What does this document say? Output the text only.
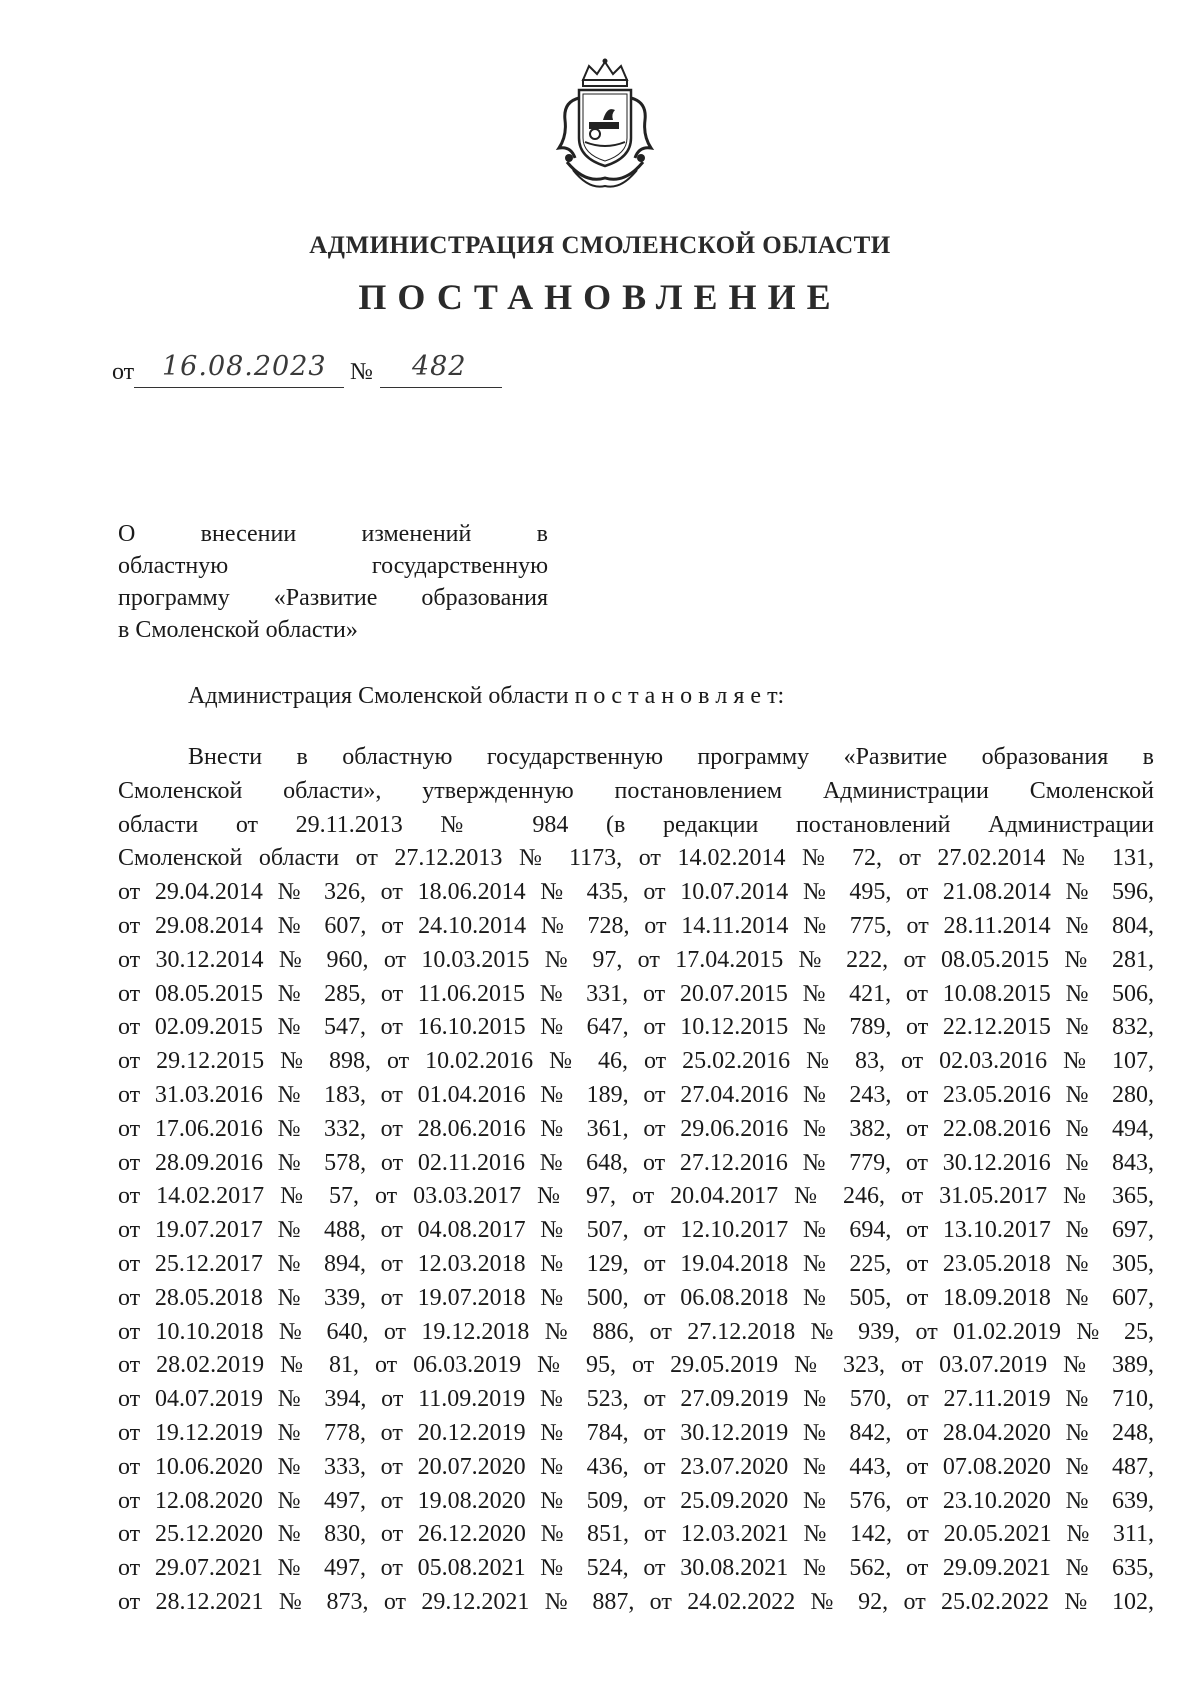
АДМИНИСТРАЦИЯ СМОЛЕНСКОЙ ОБЛАСТИ
ПОСТАНОВЛЕНИЕ
от 16.08.2023 № 482
О внесении изменений в
областную государственную
программу «Развитие образования
в Смоленской области»
Администрация Смоленской области п о с т а н о в л я е т:
Внести в областную государственную программу «Развитие образования в
Смоленской области», утвержденную постановлением Администрации Смоленской
области от 29.11.2013 № 984 (в редакции постановлений Администрации
Смоленской области от 27.12.2013 № 1173, от 14.02.2014 № 72, от 27.02.2014 № 131,
от 29.04.2014 № 326, от 18.06.2014 № 435, от 10.07.2014 № 495, от 21.08.2014 № 596,
от 29.08.2014 № 607, от 24.10.2014 № 728, от 14.11.2014 № 775, от 28.11.2014 № 804,
от 30.12.2014 № 960, от 10.03.2015 № 97, от 17.04.2015 № 222, от 08.05.2015 № 281,
от 08.05.2015 № 285, от 11.06.2015 № 331, от 20.07.2015 № 421, от 10.08.2015 № 506,
от 02.09.2015 № 547, от 16.10.2015 № 647, от 10.12.2015 № 789, от 22.12.2015 № 832,
от 29.12.2015 № 898, от 10.02.2016 № 46, от 25.02.2016 № 83, от 02.03.2016 № 107,
от 31.03.2016 № 183, от 01.04.2016 № 189, от 27.04.2016 № 243, от 23.05.2016 № 280,
от 17.06.2016 № 332, от 28.06.2016 № 361, от 29.06.2016 № 382, от 22.08.2016 № 494,
от 28.09.2016 № 578, от 02.11.2016 № 648, от 27.12.2016 № 779, от 30.12.2016 № 843,
от 14.02.2017 № 57, от 03.03.2017 № 97, от 20.04.2017 № 246, от 31.05.2017 № 365,
от 19.07.2017 № 488, от 04.08.2017 № 507, от 12.10.2017 № 694, от 13.10.2017 № 697,
от 25.12.2017 № 894, от 12.03.2018 № 129, от 19.04.2018 № 225, от 23.05.2018 № 305,
от 28.05.2018 № 339, от 19.07.2018 № 500, от 06.08.2018 № 505, от 18.09.2018 № 607,
от 10.10.2018 № 640, от 19.12.2018 № 886, от 27.12.2018 № 939, от 01.02.2019 № 25,
от 28.02.2019 № 81, от 06.03.2019 № 95, от 29.05.2019 № 323, от 03.07.2019 № 389,
от 04.07.2019 № 394, от 11.09.2019 № 523, от 27.09.2019 № 570, от 27.11.2019 № 710,
от 19.12.2019 № 778, от 20.12.2019 № 784, от 30.12.2019 № 842, от 28.04.2020 № 248,
от 10.06.2020 № 333, от 20.07.2020 № 436, от 23.07.2020 № 443, от 07.08.2020 № 487,
от 12.08.2020 № 497, от 19.08.2020 № 509, от 25.09.2020 № 576, от 23.10.2020 № 639,
от 25.12.2020 № 830, от 26.12.2020 № 851, от 12.03.2021 № 142, от 20.05.2021 № 311,
от 29.07.2021 № 497, от 05.08.2021 № 524, от 30.08.2021 № 562, от 29.09.2021 № 635,
от 28.12.2021 № 873, от 29.12.2021 № 887, от 24.02.2022 № 92, от 25.02.2022 № 102,
